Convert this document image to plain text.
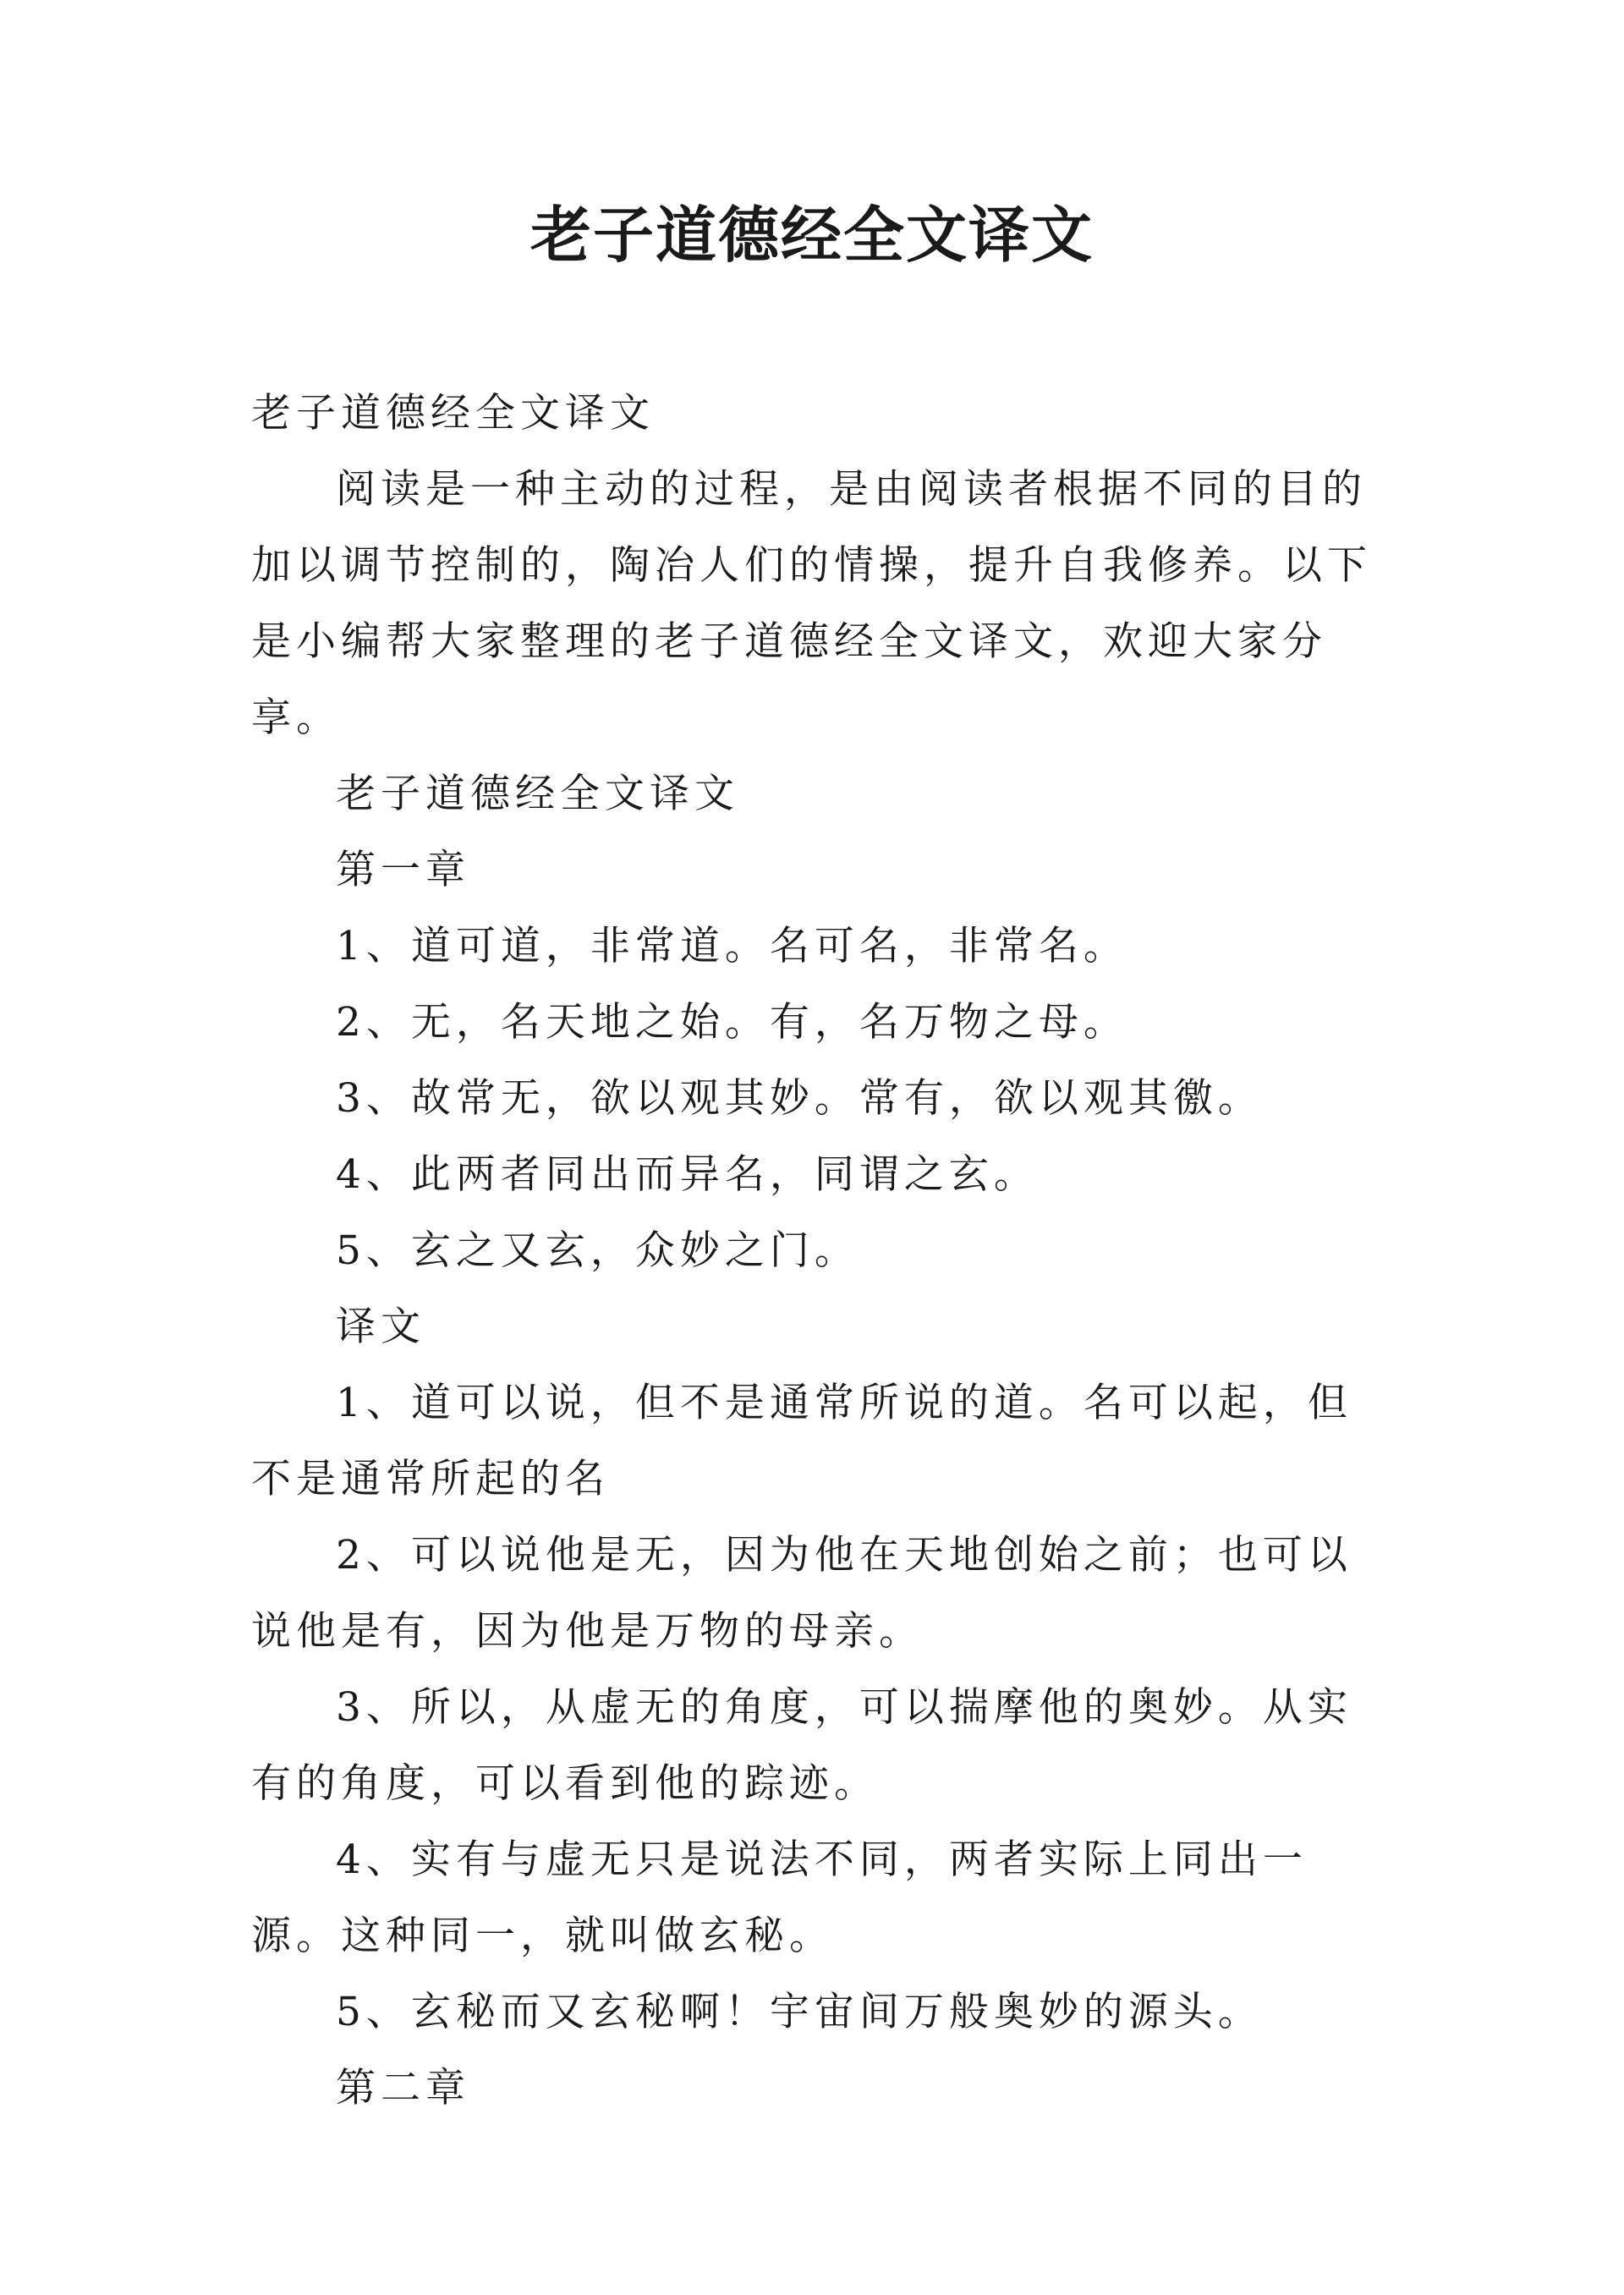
老子道德经全文译文

老子道德经全文译文

阅读是一种主动的过程，是由阅读者根据不同的目的加以调节控制的，陶冶人们的情操，提升自我修养。以下是小编帮大家整理的老子道德经全文译文，欢迎大家分享。

老子道德经全文译文

第一章

1、道可道，非常道。名可名，非常名。

2、无，名天地之始。有，名万物之母。

3、故常无，欲以观其妙。常有，欲以观其徼。

4、此两者同出而异名，同谓之玄。

5、玄之又玄，众妙之门。

译文

1、道可以说，但不是通常所说的道。名可以起，但不是通常所起的名

2、可以说他是无，因为他在天地创始之前；也可以说他是有，因为他是万物的母亲。

3、所以，从虚无的角度，可以揣摩他的奥妙。从实有的角度，可以看到他的踪迹。

4、实有与虚无只是说法不同，两者实际上同出一源。这种同一，就叫做玄秘。

5、玄秘而又玄秘啊！宇宙间万般奥妙的源头。

第二章
